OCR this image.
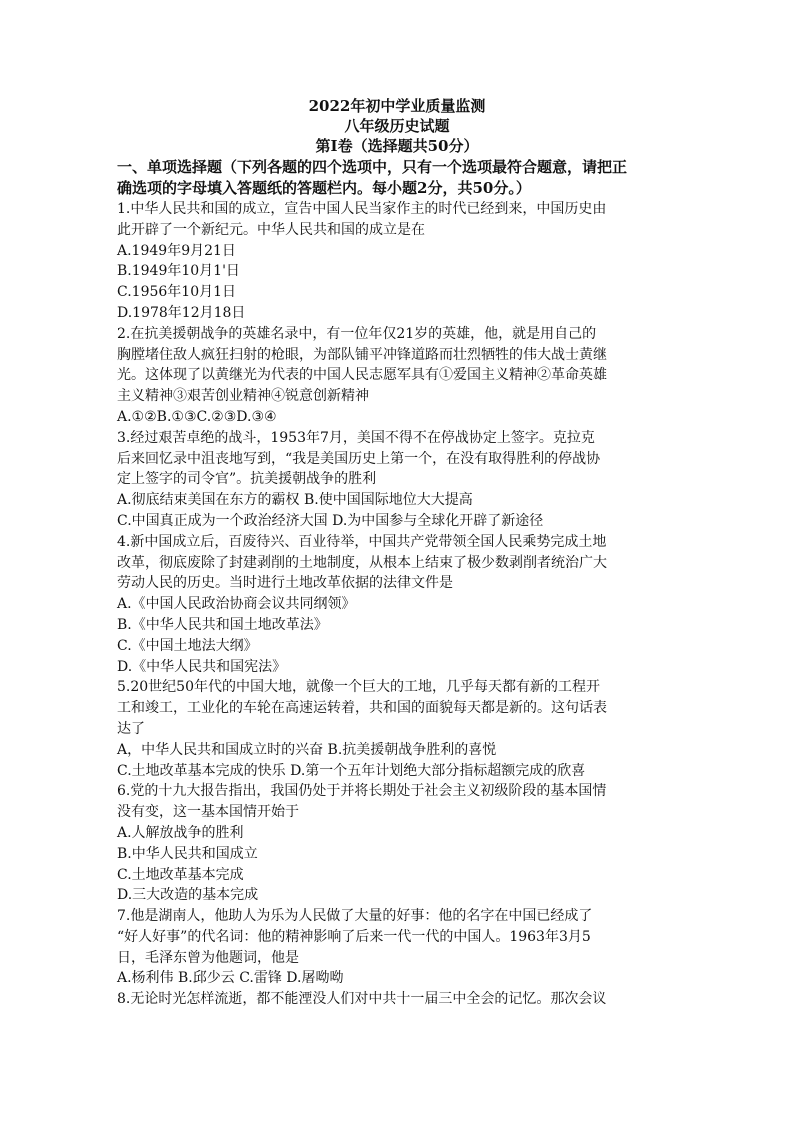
2022年初中学业质量监测
八年级历史试题
第Ⅰ卷（选择题共50分）
一、单项选择题（下列各题的四个选项中，只有一个选项最符合题意，请把正
确选项的字母填入答题纸的答题栏内。每小题2分，共50分。）
1.中华人民共和国的成立，宣告中国人民当家作主的时代已经到来，中国历史由
此开辟了一个新纪元。中华人民共和国的成立是在
A.1949年9月21日
B.1949年10月1'日
C.1956年10月1日
D.1978年12月18日
2.在抗美援朝战争的英雄名录中，有一位年仅21岁的英雄，他，就是用自己的
胸膛堵住敌人疯狂扫射的枪眼，为部队铺平冲锋道路而壮烈牺牲的伟大战士黄继
光。这体现了以黄继光为代表的中国人民志愿军具有①爱国主义精神②革命英雄
主义精神③艰苦创业精神④锐意创新精神
A.①②B.①③C.②③D.③④
3.经过艰苦卓绝的战斗，1953年7月，美国不得不在停战协定上签字。克拉克
后来回忆录中沮丧地写到，“我是美国历史上第一个，在没有取得胜利的停战协
定上签字的司令官”。抗美援朝战争的胜利
A.彻底结束美国在东方的霸权 B.使中国国际地位大大提高
C.中国真正成为一个政治经济大国 D.为中国参与全球化开辟了新途径
4.新中国成立后，百废待兴、百业待举，中国共产党带领全国人民乘势完成土地
改革，彻底废除了封建剥削的土地制度，从根本上结束了极少数剥削者统治广大
劳动人民的历史。当时进行土地改革依据的法律文件是
A.《中国人民政治协商会议共同纲领》
B.《中华人民共和国土地改革法》
C.《中国土地法大纲》
D.《中华人民共和国宪法》
5.20世纪50年代的中国大地，就像一个巨大的工地，几乎每天都有新的工程开
工和竣工，工业化的车轮在高速运转着，共和国的面貌每天都是新的。这句话表
达了
A，中华人民共和国成立时的兴奋 B.抗美援朝战争胜利的喜悦
C.土地改革基本完成的快乐 D.第一个五年计划绝大部分指标超额完成的欣喜
6.党的十九大报告指出，我国仍处于并将长期处于社会主义初级阶段的基本国情
没有变，这一基本国情开始于
A.人解放战争的胜利
B.中华人民共和国成立
C.土地改革基本完成
D.三大改造的基本完成
7.他是湖南人，他助人为乐为人民做了大量的好事：他的名字在中国已经成了
“好人好事”的代名词：他的精神影响了后来一代一代的中国人。1963年3月5
日，毛泽东曾为他题词，他是
A.杨利伟 B.邱少云 C.雷锋 D.屠呦呦
8.无论时光怎样流逝，都不能湮没人们对中共十一届三中全会的记忆。那次会议
